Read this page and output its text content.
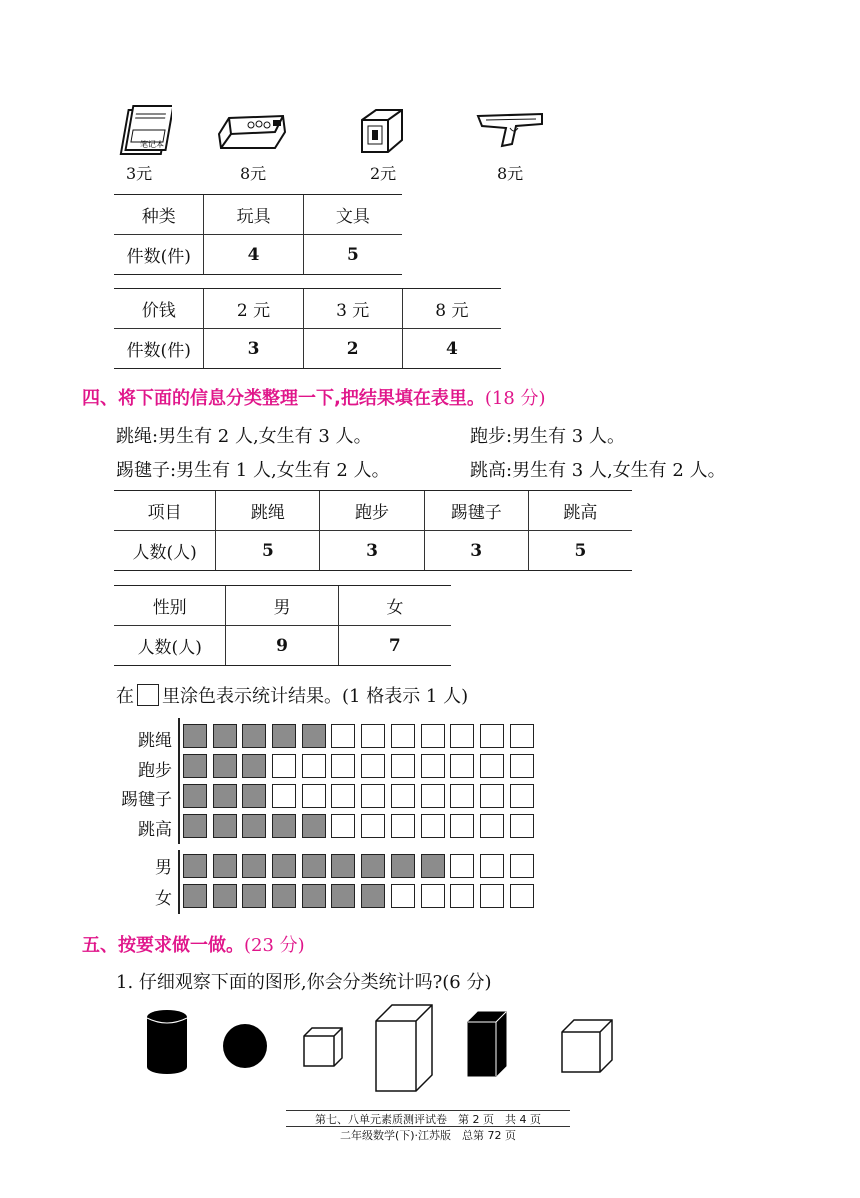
笔记本
3元	8元	2元	8元
种类	玩具	文具
件数(件)	4	5
价钱	2 元	3 元	8 元
件数(件)	3	2	4
四、将下面的信息分类整理一下,把结果填在表里。(18 分)
跳绳:男生有 2 人,女生有 3 人。	跑步:男生有 3 人。
踢毽子:男生有 1 人,女生有 2 人。	跳高:男生有 3 人,女生有 2 人。
项目	跳绳	跑步	踢毽子	跳高
人数(人)	5	3	3	5
性别	男	女
人数(人)	9	7
在 里涂色表示统计结果。(1 格表示 1 人)
跳绳
跑步
踢毽子
跳高
男
女
五、按要求做一做。(23 分)
1. 仔细观察下面的图形,你会分类统计吗?(6 分)
第七、八单元素质测评试卷　第 2 页　共 4 页
二年级数学(下)·江苏版　总第 72 页
